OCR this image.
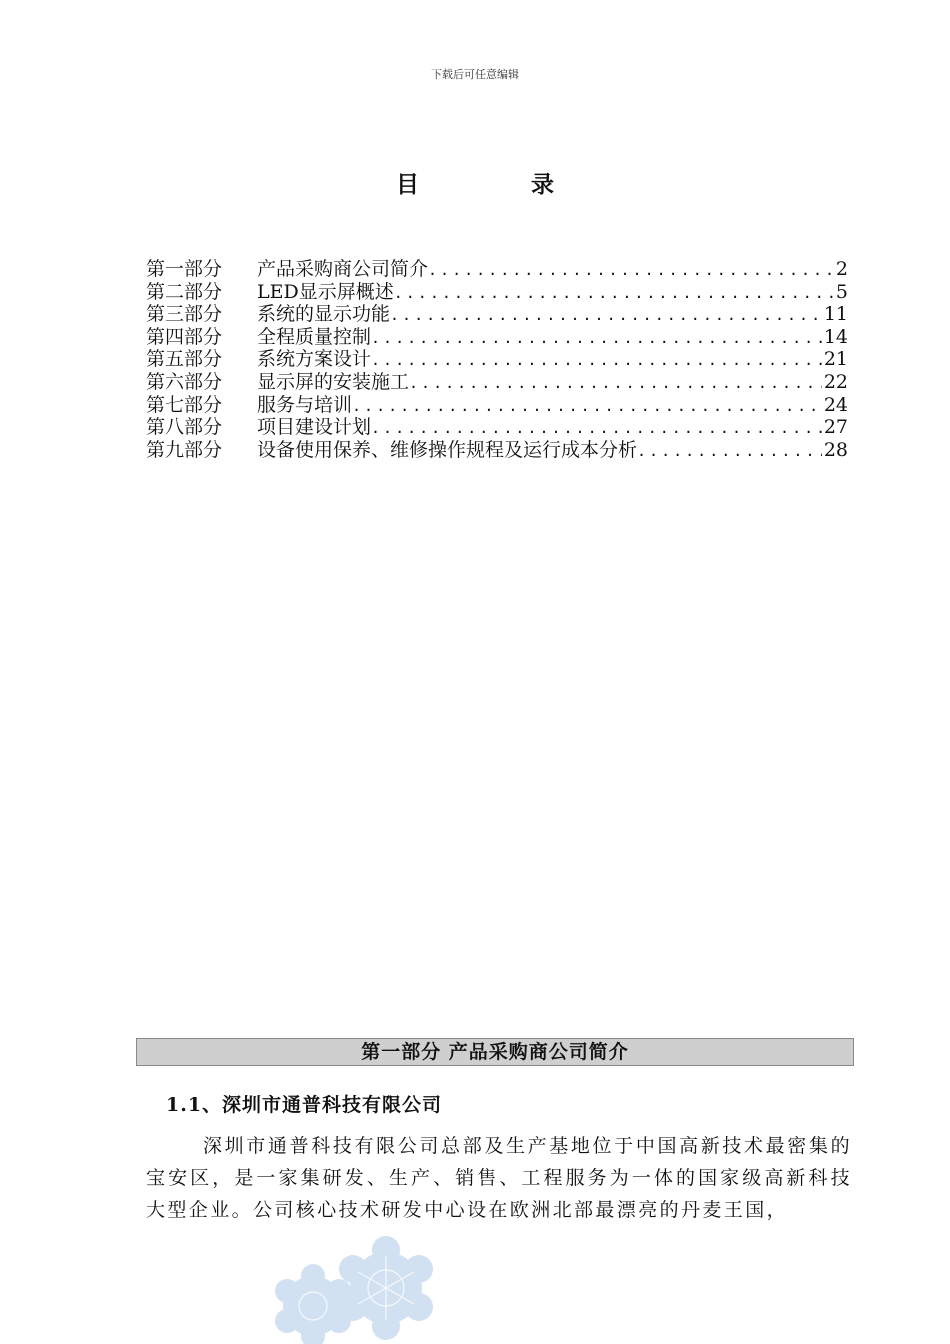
下载后可任意编辑
目 录
第一部分	产品采购商公司简介 .....	2
第二部分	LED显示屏概述 .....	5
第三部分	系统的显示功能 .....	11
第四部分	全程质量控制 .....	14
第五部分	系统方案设计 .....	21
第六部分	显示屏的安装施工 .....	22
第七部分	服务与培训 .....	24
第八部分	项目建设计划 .....	27
第九部分	设备使用保养、维修操作规程及运行成本分析 .....	28
第一部分 产品采购商公司简介
1.1、深圳市通普科技有限公司
深圳市通普科技有限公司总部及生产基地位于中国高新技术最密集的宝安区，是一家集研发、生产、销售、工程服务为一体的国家级高新科技大型企业。公司核心技术研发中心设在欧洲北部最漂亮的丹麦王国，
